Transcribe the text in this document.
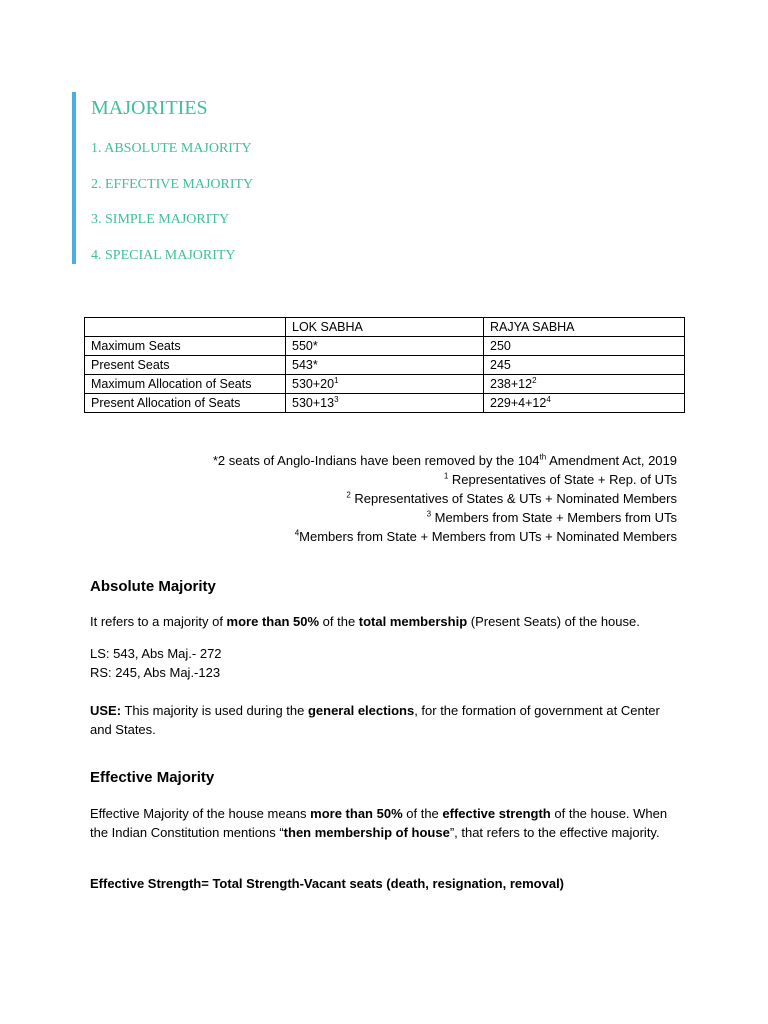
MAJORITIES

1. ABSOLUTE MAJORITY

2. EFFECTIVE MAJORITY

3. SIMPLE MAJORITY

4. SPECIAL MAJORITY

	LOK SABHA	RAJYA SABHA
Maximum Seats	550*	250
Present Seats	543*	245
Maximum Allocation of Seats	$530+20^1$	$238+12^2$
Present Allocation of Seats	$530+13^3$	$229+4+12^4$

*2 seats of Anglo-Indians have been removed by the 104th Amendment Act, 2019

$^1$ Representatives of State + Rep. of UTs

$^2$ Representatives of States & UTs + Nominated Members

$^3$ Members from State + Members from UTs

$^4$Members from State + Members from UTs + Nominated Members

Absolute Majority

It refers to a majority of more than 50% of the total membership (Present Seats) of the house.

LS: 543, Abs Maj.- 272

RS: 245, Abs Maj.-123

USE: This majority is used during the general elections, for the formation of government at Center and States.

Effective Majority

Effective Majority of the house means more than 50% of the effective strength of the house. When the Indian Constitution mentions “then membership of house”, that refers to the effective majority.

Effective Strength= Total Strength-Vacant seats (death, resignation, removal)
